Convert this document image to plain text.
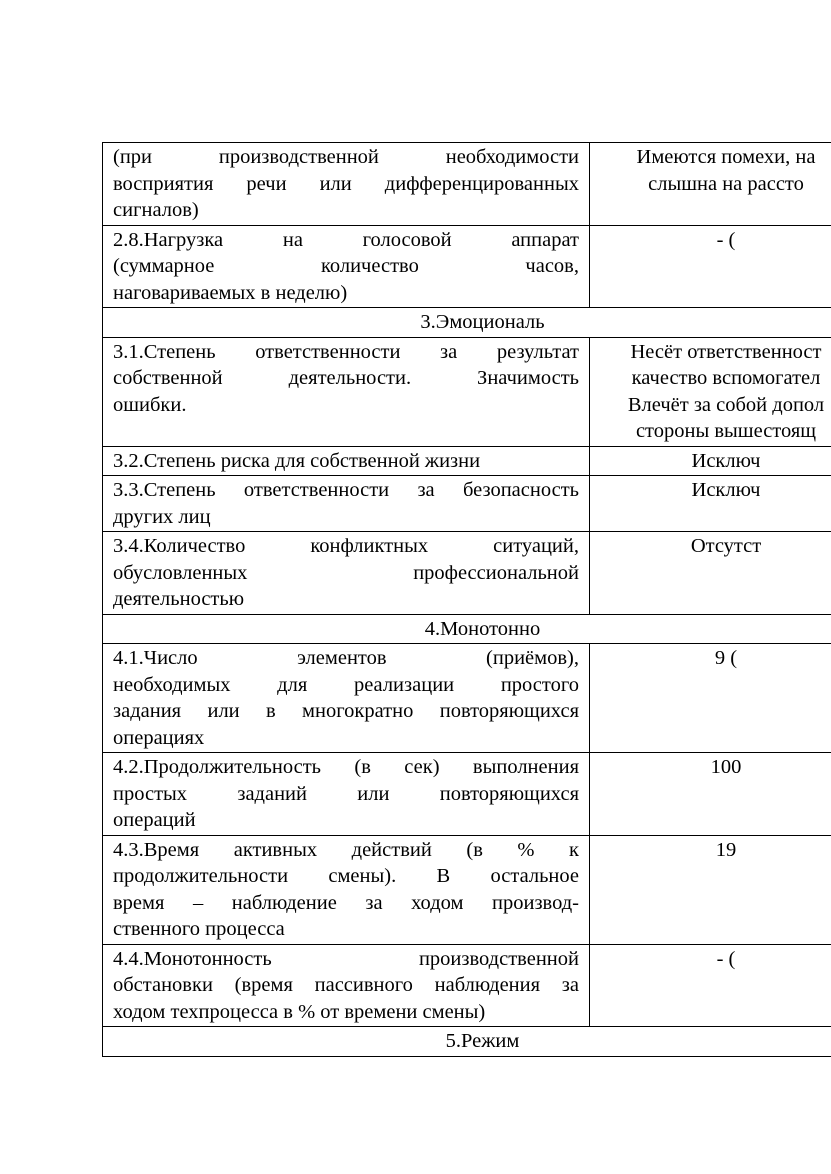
(при производственной необходимости
восприятия речи или дифференцированных
сигналов)	Имеются помехи, на
слышна на рассто

2.8.Нагрузка на голосовой аппарат
(суммарное количество часов,
наговариваемых в неделю)	- (

3.Эмоциональ	

3.1.Степень ответственности за результат
собственной деятельности. Значимость
ошибки.	Несёт ответственност
качество вспомогател
Влечёт за собой допол
стороны вышестоящ

3.2.Степень риска для собственной жизни	Исключ

3.3.Степень ответственности за безопасность
других лиц	Исключ

3.4.Количество конфликтных ситуаций,
обусловленных профессиональной
деятельностью	Отсутст

4.Монотонно	

4.1.Число элементов (приёмов),
необходимых для реализации простого
задания или в многократно повторяющихся
операциях	9 (

4.2.Продолжительность (в сек) выполнения
простых заданий или повторяющихся
операций	100

4.3.Время активных действий (в % к
продолжительности смены). В остальное
время – наблюдение за ходом производ-
ственного процесса	19

4.4.Монотонность производственной
обстановки (время пассивного наблюдения за
ходом техпроцесса в % от времени смены)	- (

5.Режим	
